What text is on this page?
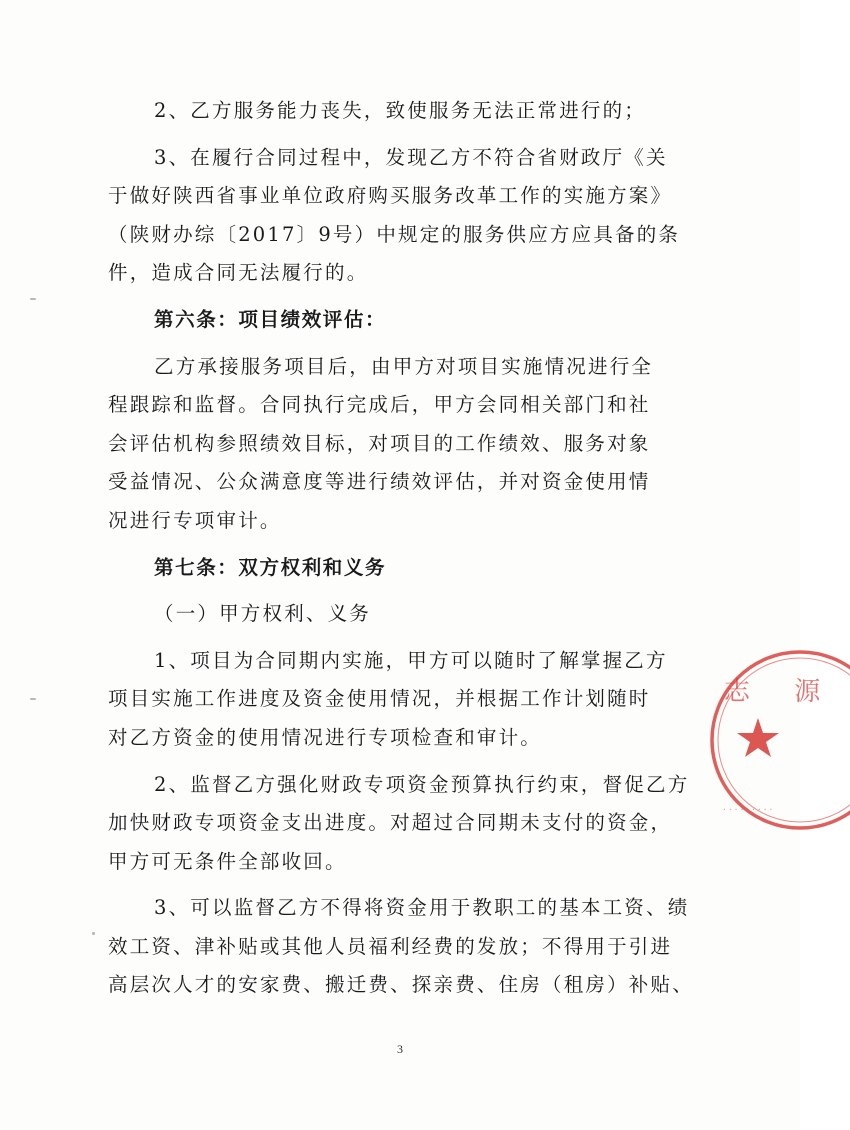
2、乙方服务能力丧失，致使服务无法正常进行的；
3、在履行合同过程中，发现乙方不符合省财政厅《关
于做好陕西省事业单位政府购买服务改革工作的实施方案》
（陕财办综〔2017〕9号）中规定的服务供应方应具备的条
件，造成合同无法履行的。
第六条：项目绩效评估：
乙方承接服务项目后，由甲方对项目实施情况进行全
程跟踪和监督。合同执行完成后，甲方会同相关部门和社
会评估机构参照绩效目标，对项目的工作绩效、服务对象
受益情况、公众满意度等进行绩效评估，并对资金使用情
况进行专项审计。
第七条：双方权利和义务
（一）甲方权利、义务
1、项目为合同期内实施，甲方可以随时了解掌握乙方
项目实施工作进度及资金使用情况，并根据工作计划随时
对乙方资金的使用情况进行专项检查和审计。
2、监督乙方强化财政专项资金预算执行约束，督促乙方
加快财政专项资金支出进度。对超过合同期未支付的资金，
甲方可无条件全部收回。
3、可以监督乙方不得将资金用于教职工的基本工资、绩
效工资、津补贴或其他人员福利经费的发放；不得用于引进
高层次人才的安家费、搬迁费、探亲费、住房（租房）补贴、
志 源
·········
3
